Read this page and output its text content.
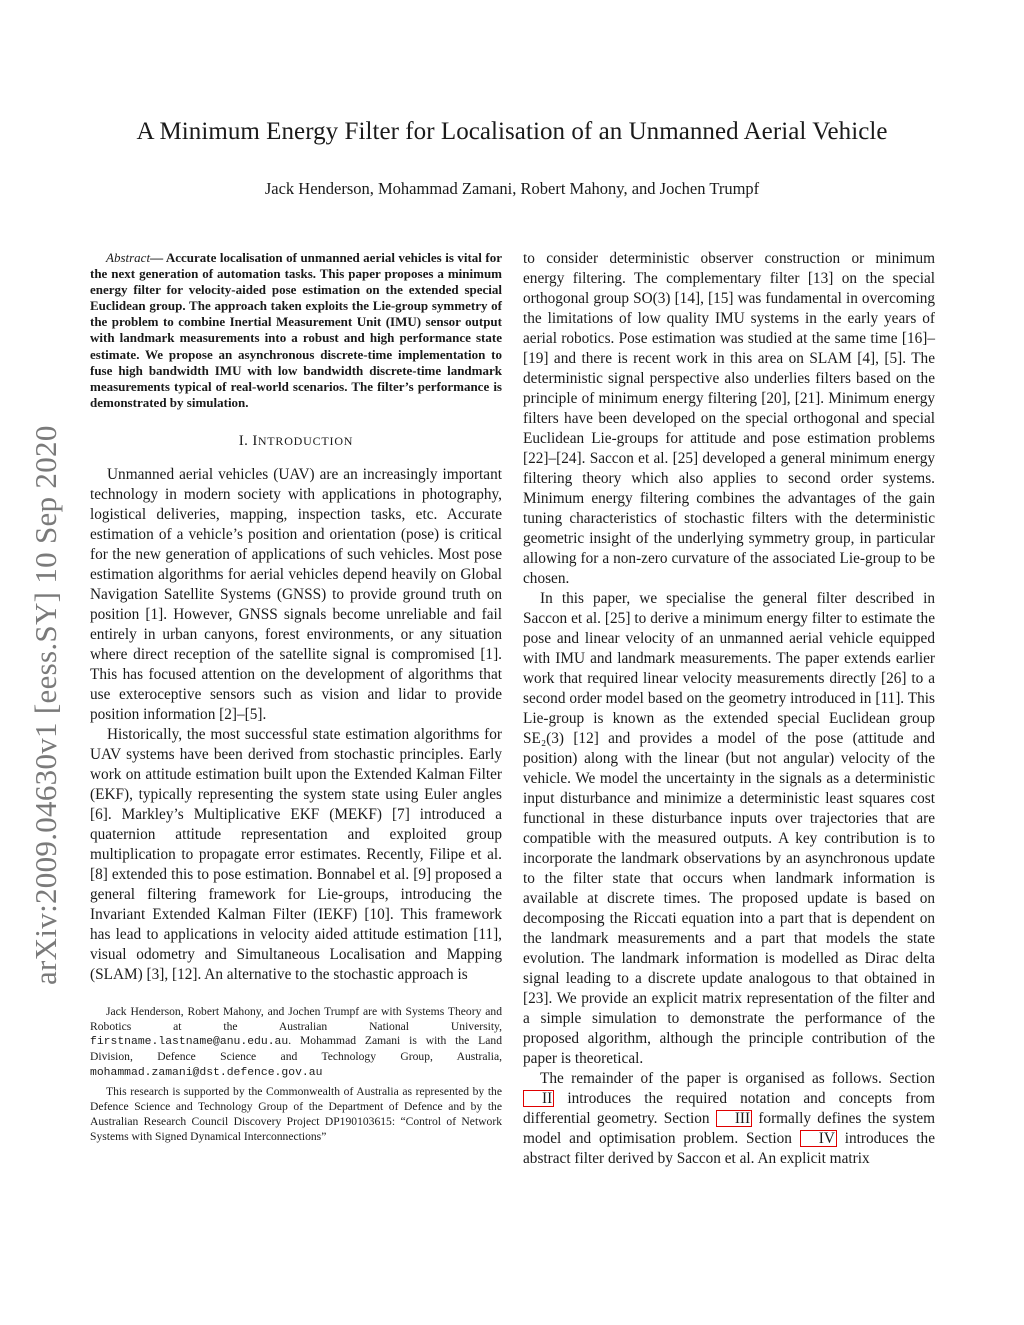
A Minimum Energy Filter for Localisation of an Unmanned Aerial Vehicle
Jack Henderson, Mohammad Zamani, Robert Mahony, and Jochen Trumpf
arXiv:2009.04630v1 [eess.SY] 10 Sep 2020

Abstract— Accurate localisation of unmanned aerial vehicles is vital for the next generation of automation tasks. This paper proposes a minimum energy filter for velocity-aided pose estimation on the extended special Euclidean group. The approach taken exploits the Lie-group symmetry of the problem to combine Inertial Measurement Unit (IMU) sensor output with landmark measurements into a robust and high performance state estimate. We propose an asynchronous discrete-time implementation to fuse high bandwidth IMU with low bandwidth discrete-time landmark measurements typical of real-world scenarios. The filter’s performance is demonstrated by simulation.

I. INTRODUCTION

Unmanned aerial vehicles (UAV) are an increasingly important technology in modern society with applications in photography, logistical deliveries, mapping, inspection tasks, etc. Accurate estimation of a vehicle’s position and orientation (pose) is critical for the new generation of applications of such vehicles. Most pose estimation algorithms for aerial vehicles depend heavily on Global Navigation Satellite Systems (GNSS) to provide ground truth on position [1]. However, GNSS signals become unreliable and fail entirely in urban canyons, forest environments, or any situation where direct reception of the satellite signal is compromised [1]. This has focused attention on the development of algorithms that use exteroceptive sensors such as vision and lidar to provide position information [2]–[5].

Historically, the most successful state estimation algorithms for UAV systems have been derived from stochastic principles. Early work on attitude estimation built upon the Extended Kalman Filter (EKF), typically representing the system state using Euler angles [6]. Markley’s Multiplicative EKF (MEKF) [7] introduced a quaternion attitude representation and exploited group multiplication to propagate error estimates. Recently, Filipe et al. [8] extended this to pose estimation. Bonnabel et al. [9] proposed a general filtering framework for Lie-groups, introducing the Invariant Extended Kalman Filter (IEKF) [10]. This framework has lead to applications in velocity aided attitude estimation [11], visual odometry and Simultaneous Localisation and Mapping (SLAM) [3], [12]. An alternative to the stochastic approach is

Jack Henderson, Robert Mahony, and Jochen Trumpf are with Systems Theory and Robotics at the Australian National University, firstname.lastname@anu.edu.au. Mohammad Zamani is with the Land Division, Defence Science and Technology Group, Australia, mohammad.zamani@dst.defence.gov.au

This research is supported by the Commonwealth of Australia as represented by the Defence Science and Technology Group of the Department of Defence and by the Australian Research Council Discovery Project DP190103615: “Control of Network Systems with Signed Dynamical Interconnections”

to consider deterministic observer construction or minimum energy filtering. The complementary filter [13] on the special orthogonal group SO(3) [14], [15] was fundamental in overcoming the limitations of low quality IMU systems in the early years of aerial robotics. Pose estimation was studied at the same time [16]–[19] and there is recent work in this area on SLAM [4], [5]. The deterministic signal perspective also underlies filters based on the principle of minimum energy filtering [20], [21]. Minimum energy filters have been developed on the special orthogonal and special Euclidean Lie-groups for attitude and pose estimation problems [22]–[24]. Saccon et al. [25] developed a general minimum energy filtering theory which also applies to second order systems. Minimum energy filtering combines the advantages of the gain tuning characteristics of stochastic filters with the deterministic geometric insight of the underlying symmetry group, in particular allowing for a non-zero curvature of the associated Lie-group to be chosen.

In this paper, we specialise the general filter described in Saccon et al. [25] to derive a minimum energy filter to estimate the pose and linear velocity of an unmanned aerial vehicle equipped with IMU and landmark measurements. The paper extends earlier work that required linear velocity measurements directly [26] to a second order model based on the geometry introduced in [11]. This Lie-group is known as the extended special Euclidean group SE₂(3) [12] and provides a model of the pose (attitude and position) along with the linear (but not angular) velocity of the vehicle. We model the uncertainty in the signals as a deterministic input disturbance and minimize a deterministic least squares cost functional in these disturbance inputs over trajectories that are compatible with the measured outputs. A key contribution is to incorporate the landmark observations by an asynchronous update to the filter state that occurs when landmark information is available at discrete times. The proposed update is based on decomposing the Riccati equation into a part that is dependent on the landmark measurements and a part that models the state evolution. The landmark information is modelled as Dirac delta signal leading to a discrete update analogous to that obtained in [23]. We provide an explicit matrix representation of the filter and a simple simulation to demonstrate the performance of the proposed algorithm, although the principle contribution of the paper is theoretical.

The remainder of the paper is organised as follows. Section II introduces the required notation and concepts from differential geometry. Section III formally defines the system model and optimisation problem. Section IV introduces the abstract filter derived by Saccon et al. An explicit matrix
